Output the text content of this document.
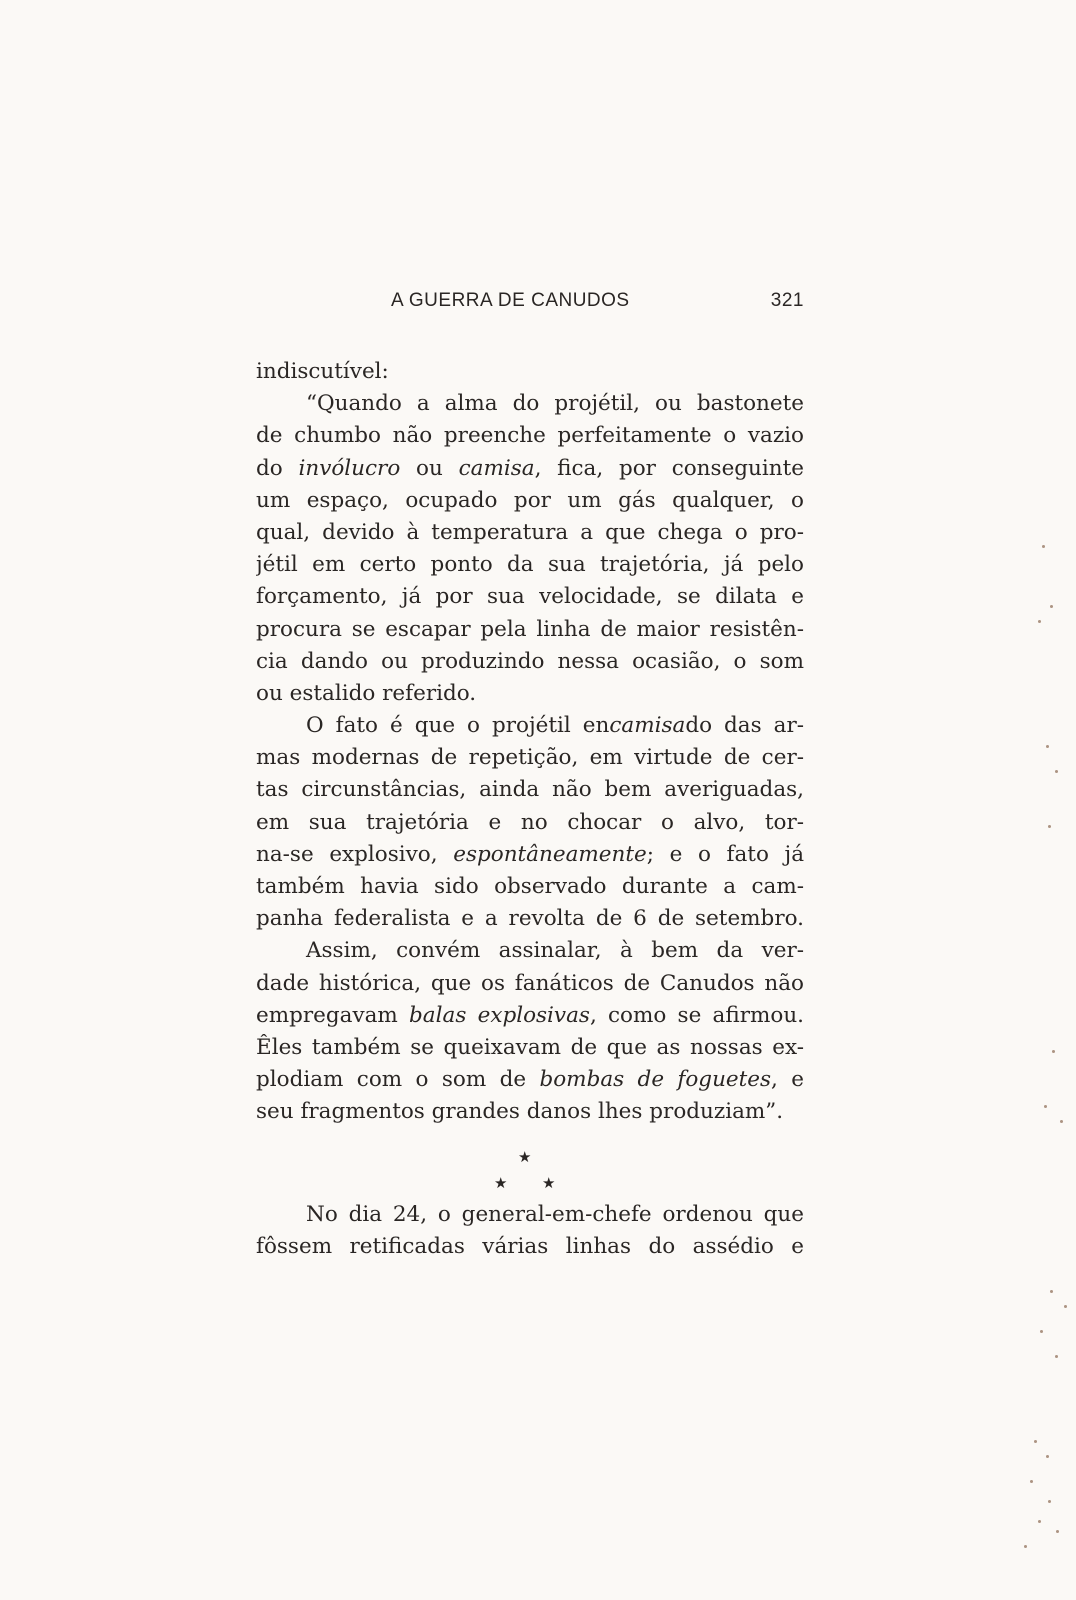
A GUERRA DE CANUDOS	321
indiscutível:
“Quando a alma do projétil, ou bastonete
de chumbo não preenche perfeitamente o vazio
do invólucro ou camisa, fica, por conseguinte
um espaço, ocupado por um gás qualquer, o
qual, devido à temperatura a que chega o pro-
jétil em certo ponto da sua trajetória, já pelo
forçamento, já por sua velocidade, se dilata e
procura se escapar pela linha de maior resistên-
cia dando ou produzindo nessa ocasião, o som
ou estalido referido.
O fato é que o projétil encamisado das ar-
mas modernas de repetição, em virtude de cer-
tas circunstâncias, ainda não bem averiguadas,
em sua trajetória e no chocar o alvo, tor-
na-se explosivo, espontâneamente; e o fato já
também havia sido observado durante a cam-
panha federalista e a revolta de 6 de setembro.
Assim, convém assinalar, à bem da ver-
dade histórica, que os fanáticos de Canudos não
empregavam balas explosivas, como se afirmou.
Êles também se queixavam de que as nossas ex-
plodiam com o som de bombas de foguetes, e
seu fragmentos grandes danos lhes produziam”.
★
★ ★
No dia 24, o general-em-chefe ordenou que
fôssem retificadas várias linhas do assédio e
